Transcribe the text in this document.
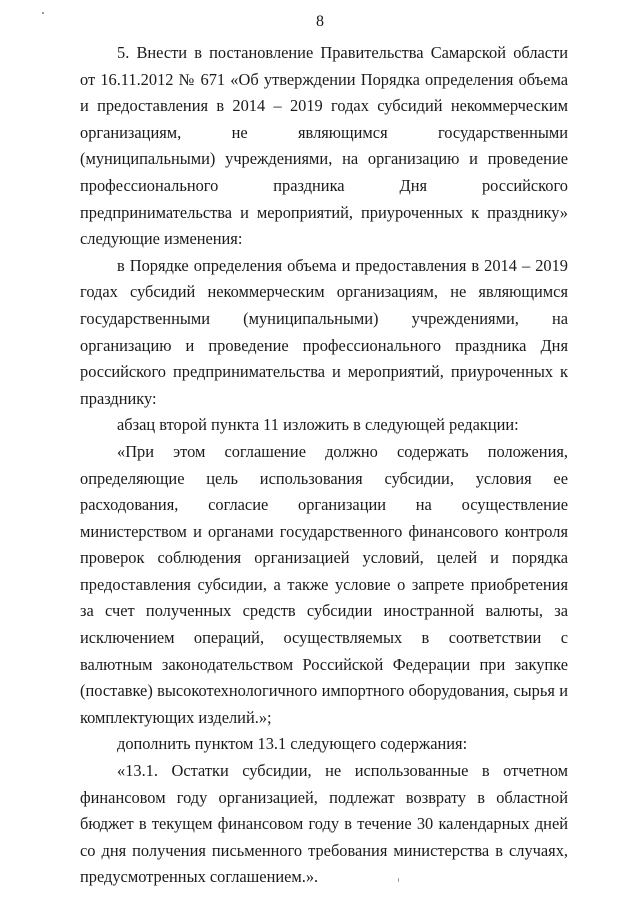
8

5. Внести в постановление Правительства Самарской области от 16.11.2012 № 671 «Об утверждении Порядка определения объема и предоставления в 2014 – 2019 годах субсидий некоммерческим организациям, не являющимся государственными (муниципальными) учреждениями, на организацию и проведение профессионального праздника Дня российского предпринимательства и мероприятий, приуроченных к празднику» следующие изменения:

в Порядке определения объема и предоставления в 2014 – 2019 годах субсидий некоммерческим организациям, не являющимся государственными (муниципальными) учреждениями, на организацию и проведение профессионального праздника Дня российского предпринимательства и мероприятий, приуроченных к празднику:

абзац второй пункта 11 изложить в следующей редакции:

«При этом соглашение должно содержать положения, определяющие цель использования субсидии, условия ее расходования, согласие организации на осуществление министерством и органами государственного финансового контроля проверок соблюдения организацией условий, целей и порядка предоставления субсидии, а также условие о запрете приобретения за счет полученных средств субсидии иностранной валюты, за исключением операций, осуществляемых в соответствии с валютным законодательством Российской Федерации при закупке (поставке) высокотехнологичного импортного оборудования, сырья и комплектующих изделий.»;

дополнить пунктом 13.1 следующего содержания:

«13.1. Остатки субсидии, не использованные в отчетном финансовом году организацией, подлежат возврату в областной бюджет в текущем финансовом году в течение 30 календарных дней со дня получения письменного требования министерства в случаях, предусмотренных соглашением.».
